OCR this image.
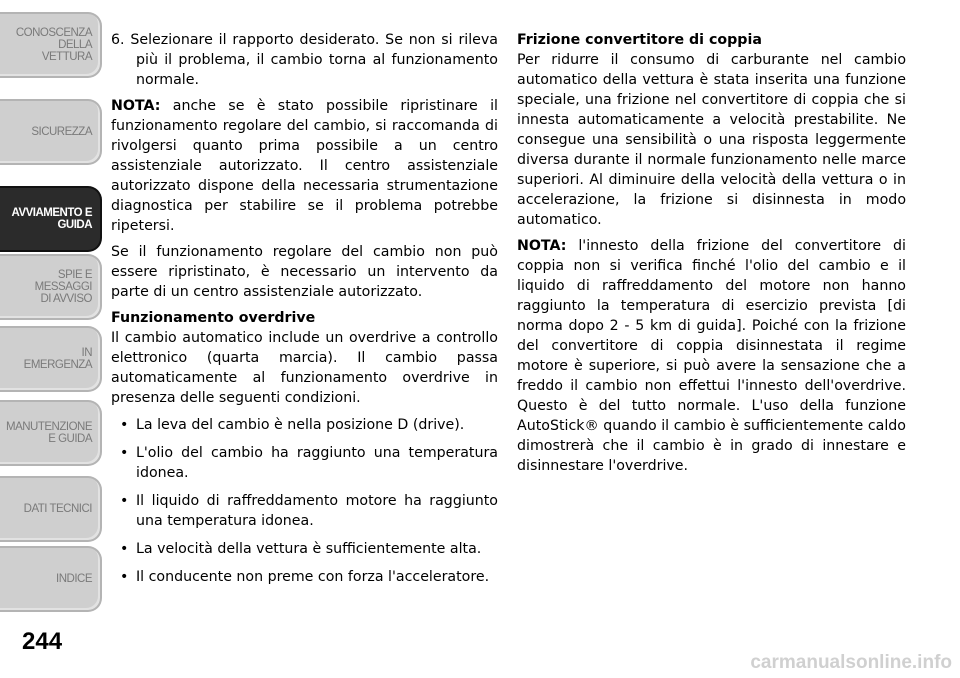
CONOSCENZA DELLA
VETTURA
SICUREZZA
AVVIAMENTO E
GUIDA
SPIE E
MESSAGGI
DI AVVISO
IN
EMERGENZA
MANUTENZIONE
E GUIDA
DATI TECNICI
INDICE
244

6. Selezionare il rapporto desiderato. Se non si rileva più il problema, il cambio torna al funzionamento normale.

NOTA: anche se è stato possibile ripristinare il funzionamento regolare del cambio, si raccomanda di rivolgersi quanto prima possibile a un centro assistenziale autorizzato. Il centro assistenziale autorizzato dispone della necessaria strumentazione diagnostica per stabilire se il problema potrebbe ripetersi.

Se il funzionamento regolare del cambio non può essere ripristinato, è necessario un intervento da parte di un centro assistenziale autorizzato.

Funzionamento overdrive

Il cambio automatico include un overdrive a controllo elettronico (quarta marcia). Il cambio passa automaticamente al funzionamento overdrive in presenza delle seguenti condizioni.

• La leva del cambio è nella posizione D (drive).

• L'olio del cambio ha raggiunto una temperatura idonea.

• Il liquido di raffreddamento motore ha raggiunto una temperatura idonea.

• La velocità della vettura è sufficientemente alta.

• Il conducente non preme con forza l'acceleratore.

Frizione convertitore di coppia

Per ridurre il consumo di carburante nel cambio automatico della vettura è stata inserita una funzione speciale, una frizione nel convertitore di coppia che si innesta automaticamente a velocità prestabilite. Ne consegue una sensibilità o una risposta leggermente diversa durante il normale funzionamento nelle marce superiori. Al diminuire della velocità della vettura o in accelerazione, la frizione si disinnesta in modo automatico.

NOTA: l'innesto della frizione del convertitore di coppia non si verifica finché l'olio del cambio e il liquido di raffreddamento del motore non hanno raggiunto la temperatura di esercizio prevista [di norma dopo 2 - 5 km di guida]. Poiché con la frizione del convertitore di coppia disinnestata il regime motore è superiore, si può avere la sensazione che a freddo il cambio non effettui l'innesto dell'overdrive. Questo è del tutto normale. L'uso della funzione AutoStick® quando il cambio è sufficientemente caldo dimostrerà che il cambio è in grado di innestare e disinnestare l'overdrive.

carmanualsonline.info
